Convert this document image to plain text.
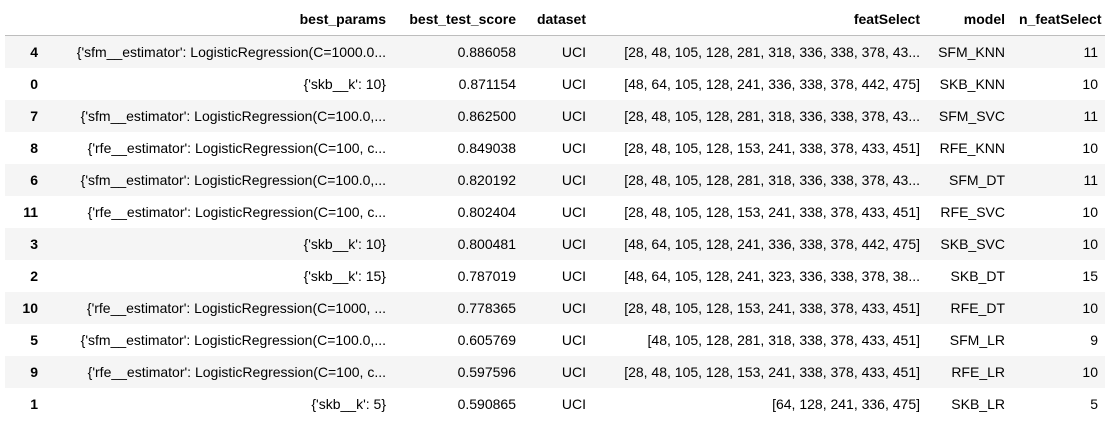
	best_params	best_test_score	dataset	featSelect	model	n_featSelect
4	{'sfm__estimator': LogisticRegression(C=1000.0...	0.886058	UCI	[28, 48, 105, 128, 281, 318, 336, 338, 378, 43...	SFM_KNN	11
0	{'skb__k': 10}	0.871154	UCI	[48, 64, 105, 128, 241, 336, 338, 378, 442, 475]	SKB_KNN	10
7	{'sfm__estimator': LogisticRegression(C=100.0,...	0.862500	UCI	[28, 48, 105, 128, 281, 318, 336, 338, 378, 43...	SFM_SVC	11
8	{'rfe__estimator': LogisticRegression(C=100, c...	0.849038	UCI	[28, 48, 105, 128, 153, 241, 338, 378, 433, 451]	RFE_KNN	10
6	{'sfm__estimator': LogisticRegression(C=100.0,...	0.820192	UCI	[28, 48, 105, 128, 281, 318, 336, 338, 378, 43...	SFM_DT	11
11	{'rfe__estimator': LogisticRegression(C=100, c...	0.802404	UCI	[28, 48, 105, 128, 153, 241, 338, 378, 433, 451]	RFE_SVC	10
3	{'skb__k': 10}	0.800481	UCI	[48, 64, 105, 128, 241, 336, 338, 378, 442, 475]	SKB_SVC	10
2	{'skb__k': 15}	0.787019	UCI	[48, 64, 105, 128, 241, 323, 336, 338, 378, 38...	SKB_DT	15
10	{'rfe__estimator': LogisticRegression(C=1000, ...	0.778365	UCI	[28, 48, 105, 128, 153, 241, 338, 378, 433, 451]	RFE_DT	10
5	{'sfm__estimator': LogisticRegression(C=100.0,...	0.605769	UCI	[48, 105, 128, 281, 318, 338, 378, 433, 451]	SFM_LR	9
9	{'rfe__estimator': LogisticRegression(C=100, c...	0.597596	UCI	[28, 48, 105, 128, 153, 241, 338, 378, 433, 451]	RFE_LR	10
1	{'skb__k': 5}	0.590865	UCI	[64, 128, 241, 336, 475]	SKB_LR	5
